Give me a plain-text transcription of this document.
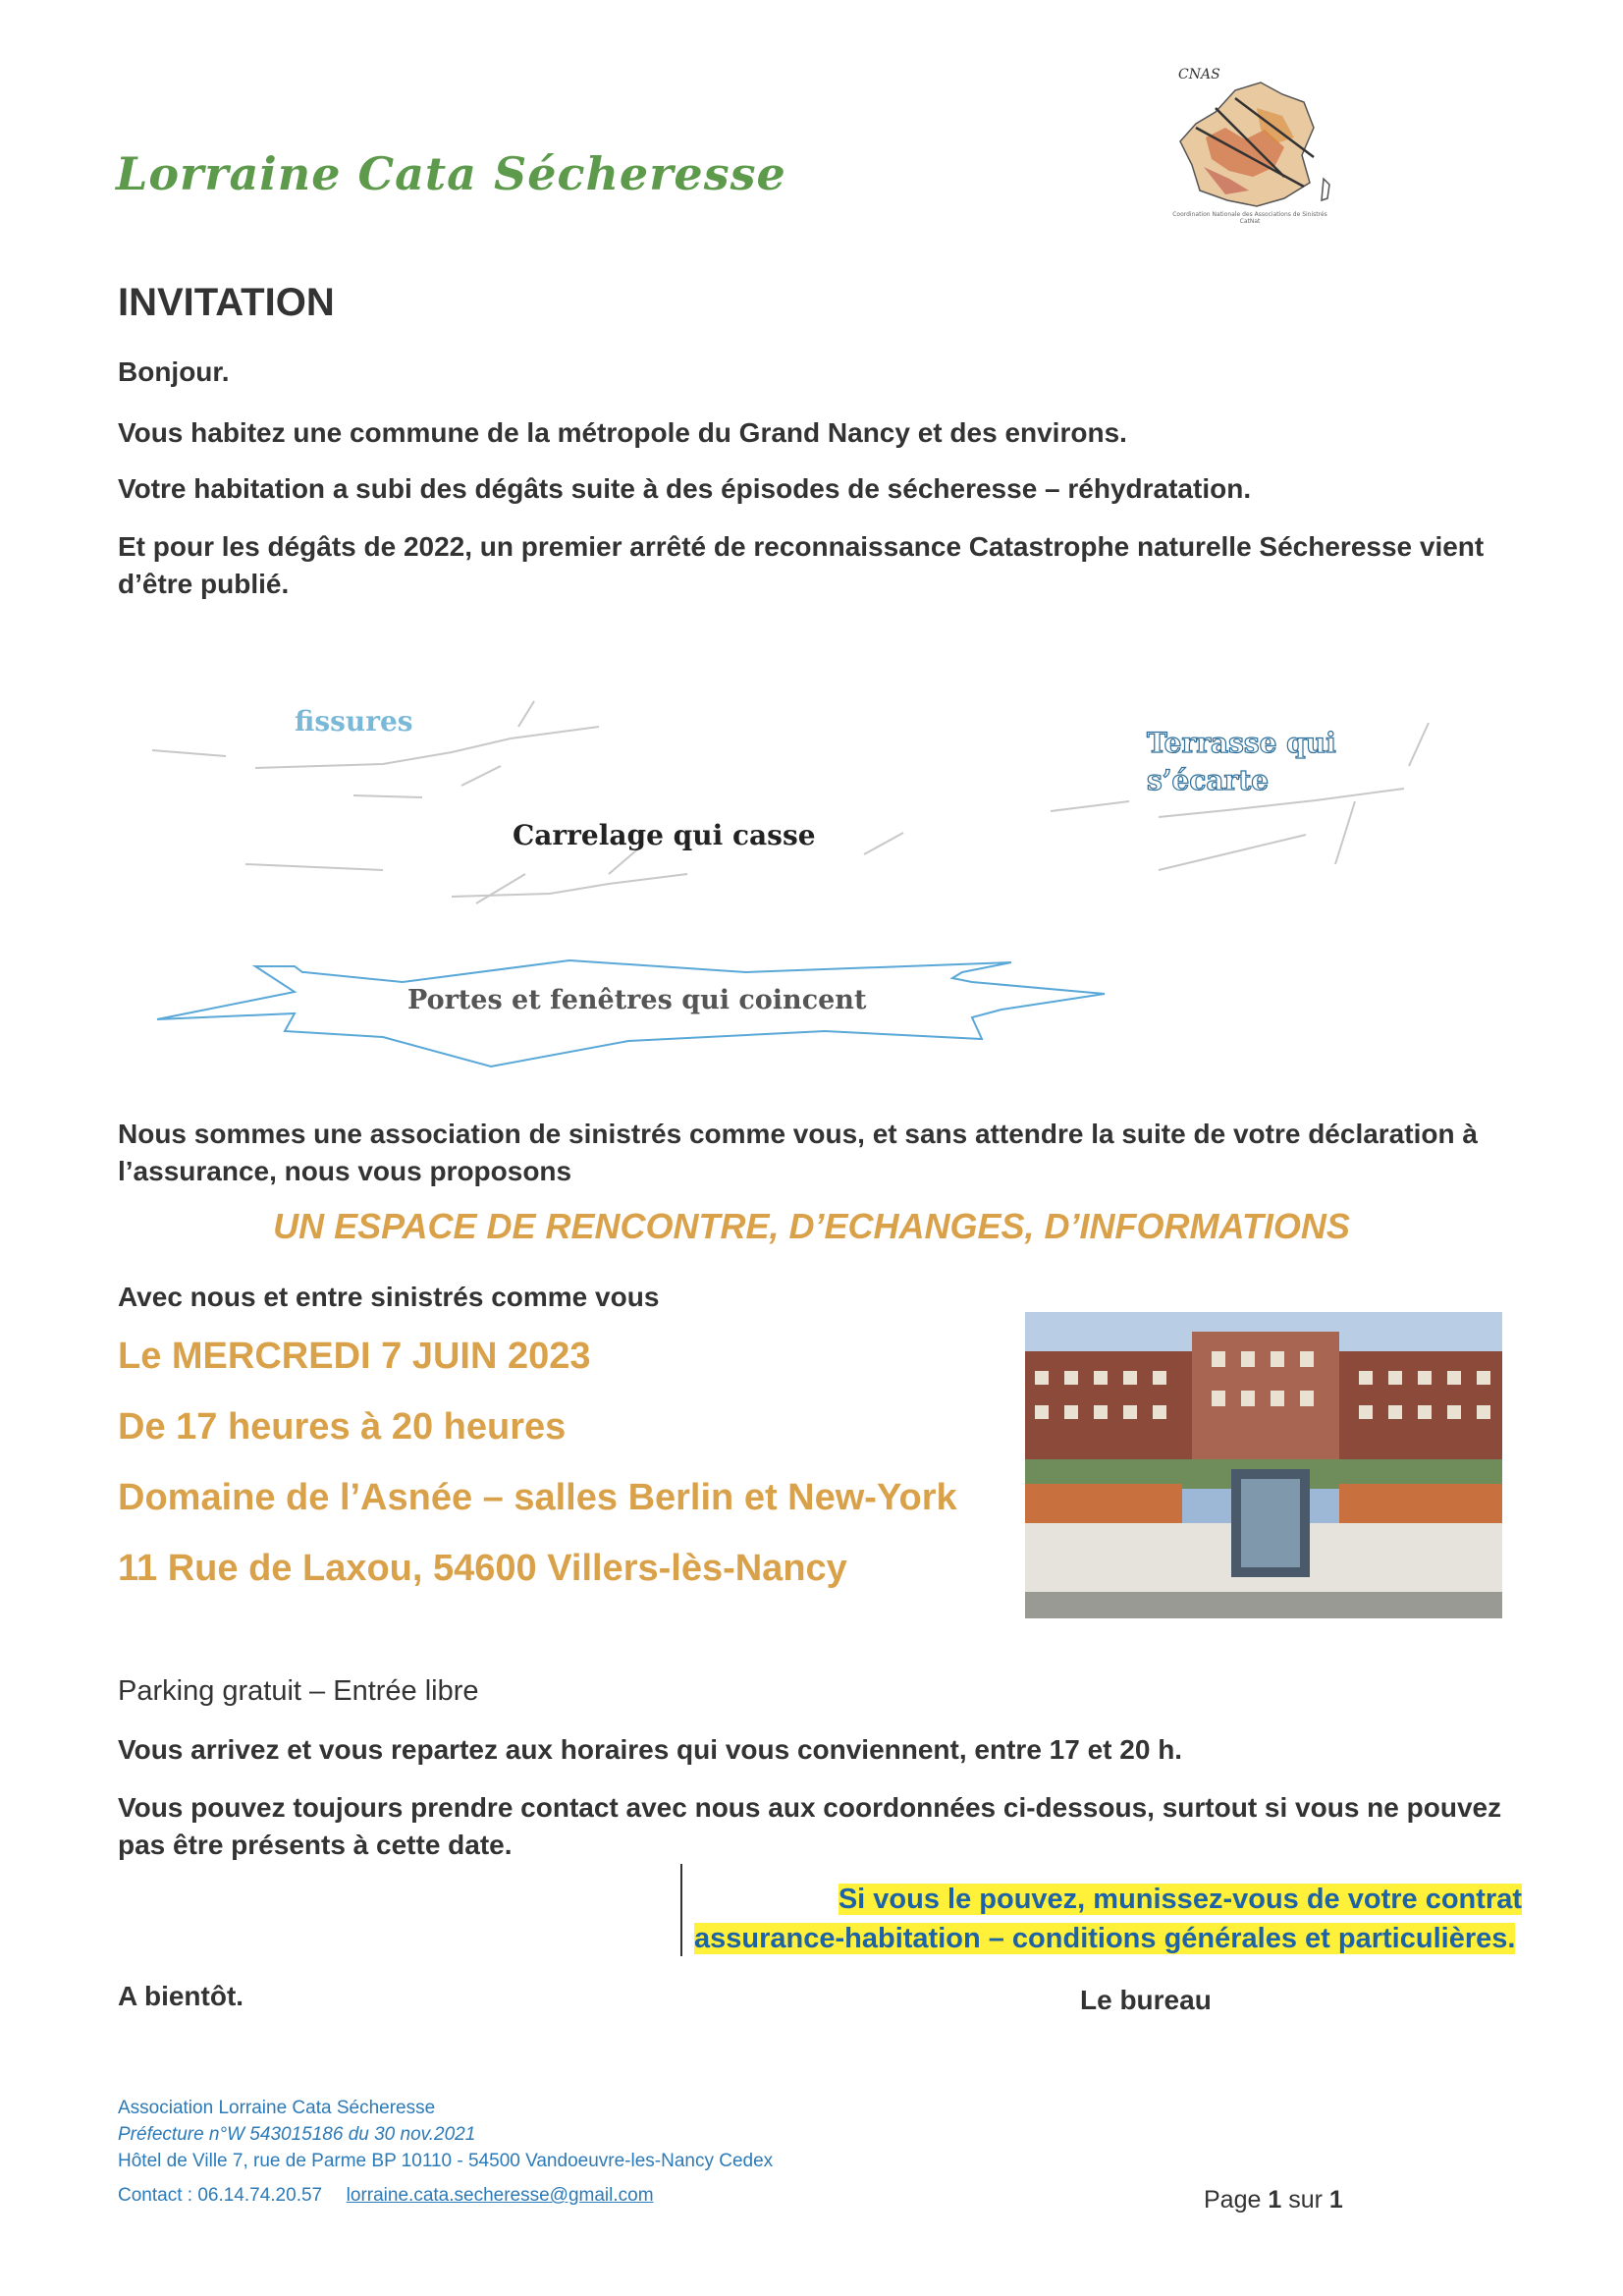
Lorraine Cata Sécheresse
CNAS
Coordination Nationale des Associations de Sinistrés CatNat
INVITATION
Bonjour.
Vous habitez une commune de la métropole du Grand Nancy et des environs.
Votre habitation a subi des dégâts suite à des épisodes de sécheresse – réhydratation.
Et pour les dégâts de 2022, un premier arrêté de reconnaissance Catastrophe naturelle Sécheresse vient
d’être publié.
fissures
Terrasse qui
s’écarte
Carrelage qui casse
Portes et fenêtres qui coincent
Nous sommes une association de sinistrés comme vous, et sans attendre la suite de votre déclaration à
l’assurance, nous vous proposons
UN ESPACE DE RENCONTRE, D’ECHANGES, D’INFORMATIONS
Avec nous et entre sinistrés comme vous
Le MERCREDI 7 JUIN 2023
De 17 heures à 20 heures
Domaine de l’Asnée – salles Berlin et New-York
11 Rue de Laxou, 54600 Villers-lès-Nancy
Parking gratuit – Entrée libre
Vous arrivez et vous repartez aux horaires qui vous conviennent, entre 17 et 20 h.
Vous pouvez toujours prendre contact avec nous aux coordonnées ci-dessous, surtout si vous ne pouvez
pas être présents à cette date.
Si vous le pouvez, munissez-vous de votre contrat
assurance-habitation – conditions générales et particulières.
A bientôt.	Le bureau
Association Lorraine Cata Sécheresse
Préfecture n°W 543015186 du 30 nov.2021
Hôtel de Ville 7, rue de Parme BP 10110 - 54500 Vandoeuvre-les-Nancy Cedex
Contact : 06.14.74.20.57 lorraine.cata.secheresse@gmail.com	Page 1 sur 1
